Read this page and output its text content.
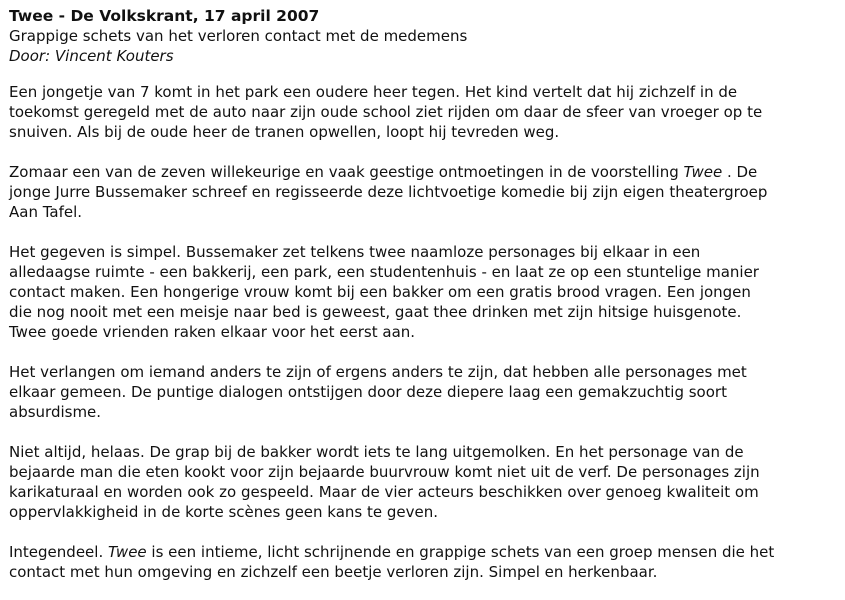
Twee - De Volkskrant, 17 april 2007
Grappige schets van het verloren contact met de medemens
Door: Vincent Kouters

Een jongetje van 7 komt in het park een oudere heer tegen. Het kind vertelt dat hij zichzelf in de
toekomst geregeld met de auto naar zijn oude school ziet rijden om daar de sfeer van vroeger op te
snuiven. Als bij de oude heer de tranen opwellen, loopt hij tevreden weg.

Zomaar een van de zeven willekeurige en vaak geestige ontmoetingen in de voorstelling Twee . De
jonge Jurre Bussemaker schreef en regisseerde deze lichtvoetige komedie bij zijn eigen theatergroep
Aan Tafel.

Het gegeven is simpel. Bussemaker zet telkens twee naamloze personages bij elkaar in een
alledaagse ruimte - een bakkerij, een park, een studentenhuis - en laat ze op een stuntelige manier
contact maken. Een hongerige vrouw komt bij een bakker om een gratis brood vragen. Een jongen
die nog nooit met een meisje naar bed is geweest, gaat thee drinken met zijn hitsige huisgenote.
Twee goede vrienden raken elkaar voor het eerst aan.

Het verlangen om iemand anders te zijn of ergens anders te zijn, dat hebben alle personages met
elkaar gemeen. De puntige dialogen ontstijgen door deze diepere laag een gemakzuchtig soort
absurdisme.

Niet altijd, helaas. De grap bij de bakker wordt iets te lang uitgemolken. En het personage van de
bejaarde man die eten kookt voor zijn bejaarde buurvrouw komt niet uit de verf. De personages zijn
karikaturaal en worden ook zo gespeeld. Maar de vier acteurs beschikken over genoeg kwaliteit om
oppervlakkigheid in de korte scènes geen kans te geven.

Integendeel. Twee is een intieme, licht schrijnende en grappige schets van een groep mensen die het
contact met hun omgeving en zichzelf een beetje verloren zijn. Simpel en herkenbaar.
